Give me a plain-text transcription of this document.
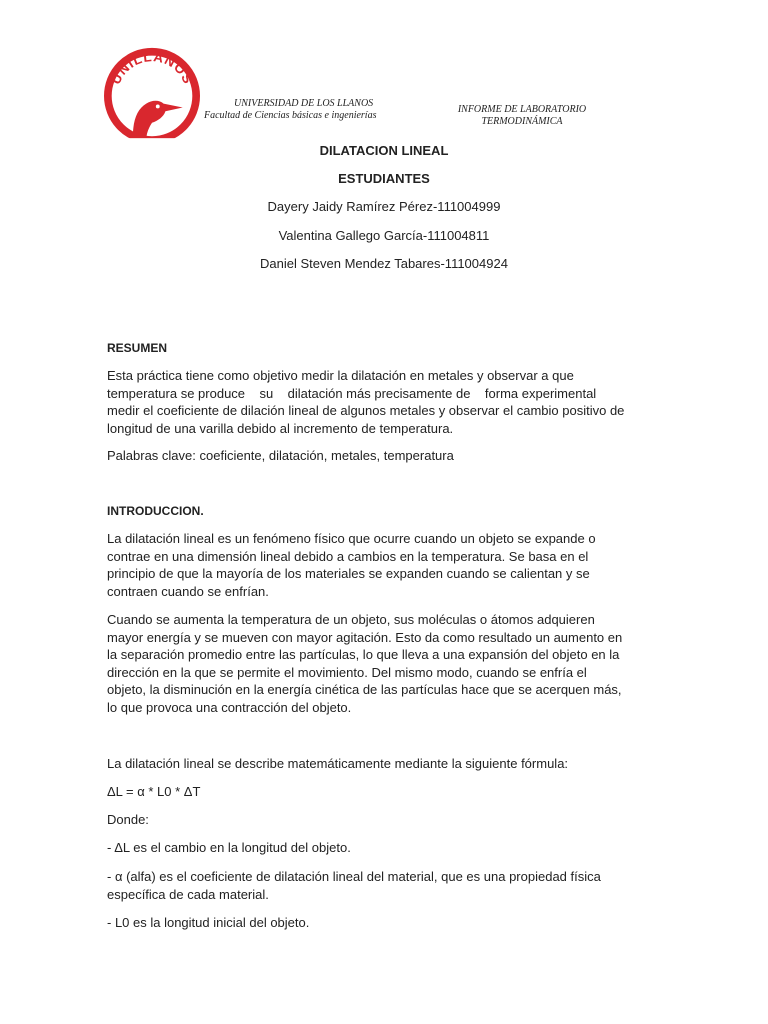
UNILLANOS
UNIVERSIDAD DE LOS LLANOS
Facultad de Ciencias básicas e ingenierías
INFORME DE LABORATORIO
TERMODINÁMICA
DILATACION LINEAL
ESTUDIANTES
Dayery Jaidy Ramírez Pérez-111004999
Valentina Gallego García-111004811
Daniel Steven Mendez Tabares-111004924
RESUMEN
Esta práctica tiene como objetivo medir la dilatación en metales y observar a que temperatura se produce    su    dilatación más precisamente de    forma experimental medir el coeficiente de dilación lineal de algunos metales y observar el cambio positivo de longitud de una varilla debido al incremento de temperatura.
Palabras clave: coeficiente, dilatación, metales, temperatura
INTRODUCCION.
La dilatación lineal es un fenómeno físico que ocurre cuando un objeto se expande o contrae en una dimensión lineal debido a cambios en la temperatura. Se basa en el principio de que la mayoría de los materiales se expanden cuando se calientan y se contraen cuando se enfrían.
Cuando se aumenta la temperatura de un objeto, sus moléculas o átomos adquieren mayor energía y se mueven con mayor agitación. Esto da como resultado un aumento en la separación promedio entre las partículas, lo que lleva a una expansión del objeto en la dirección en la que se permite el movimiento. Del mismo modo, cuando se enfría el objeto, la disminución en la energía cinética de las partículas hace que se acerquen más, lo que provoca una contracción del objeto.
La dilatación lineal se describe matemáticamente mediante la siguiente fórmula:
ΔL = α * L0 * ΔT
Donde:
- ΔL es el cambio en la longitud del objeto.
- α (alfa) es el coeficiente de dilatación lineal del material, que es una propiedad física específica de cada material.
- L0 es la longitud inicial del objeto.
